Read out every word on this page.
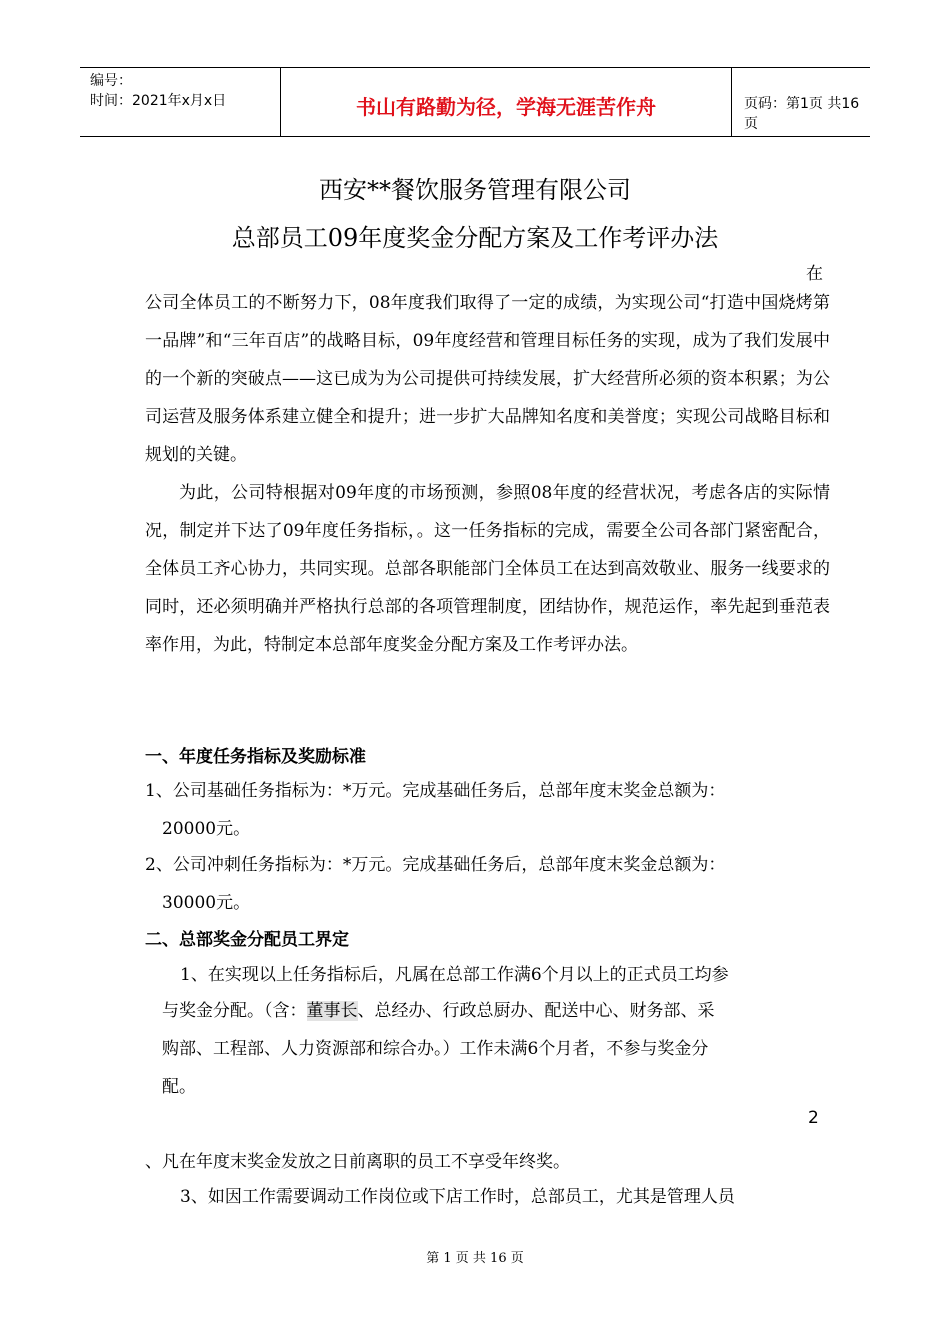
编号：
时间：2021年x月x日	书山有路勤为径，学海无涯苦作舟	页码：第1页 共16页
西安**餐饮服务管理有限公司
总部员工09年度奖金分配方案及工作考评办法
在

公司全体员工的不断努力下，08年度我们取得了一定的成绩，为实现公司“打造中国烧烤第一品牌”和“三年百店”的战略目标，09年度经营和管理目标任务的实现，成为了我们发展中的一个新的突破点——这已成为为公司提供可持续发展，扩大经营所必须的资本积累；为公司运营及服务体系建立健全和提升；进一步扩大品牌知名度和美誉度；实现公司战略目标和规划的关键。

为此，公司特根据对09年度的市场预测，参照08年度的经营状况，考虑各店的实际情况，制定并下达了09年度任务指标，。这一任务指标的完成，需要全公司各部门紧密配合，全体员工齐心协力，共同实现。总部各职能部门全体员工在达到高效敬业、服务一线要求的同时，还必须明确并严格执行总部的各项管理制度，团结协作，规范运作，率先起到垂范表率作用，为此，特制定本总部年度奖金分配方案及工作考评办法。

一、年度任务指标及奖励标准
1、公司基础任务指标为：*万元。完成基础任务后，总部年度末奖金总额为：
20000元。
2、公司冲刺任务指标为：*万元。完成基础任务后，总部年度末奖金总额为：
30000元。
二、总部奖金分配员工界定
1、在实现以上任务指标后，凡属在总部工作满6个月以上的正式员工均参
与奖金分配。（含：董事长、总经办、行政总厨办、配送中心、财务部、采
购部、工程部、人力资源部和综合办。）工作未满6个月者，不参与奖金分
配。
2
、凡在年度末奖金发放之日前离职的员工不享受年终奖。
3、如因工作需要调动工作岗位或下店工作时，总部员工，尤其是管理人员
第 1 页 共 16 页
